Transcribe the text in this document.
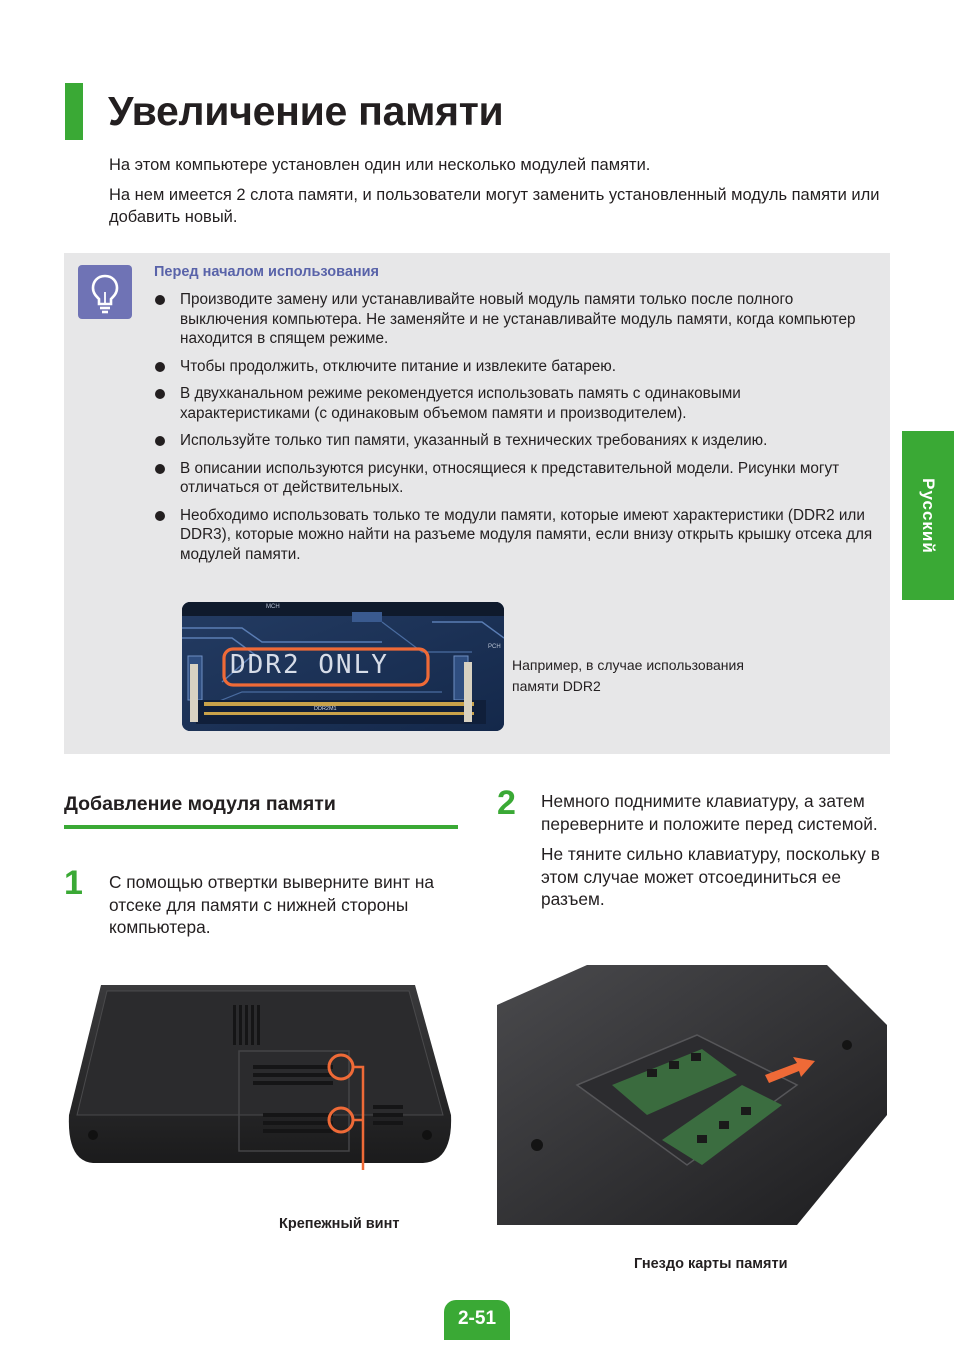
Увеличение памяти

На этом компьютере установлен один или несколько модулей памяти.

На нем имеется 2 слота памяти, и пользователи могут заменить установленный модуль памяти или добавить новый.

Перед началом использования
Производите замену или устанавливайте новый модуль памяти только после полного выключения компьютера. Не заменяйте и не устанавливайте модуль памяти, когда компьютер находится в спящем режиме.
Чтобы продолжить, отключите питание и извлеките батарею.
В двухканальном режиме рекомендуется использовать память с одинаковыми характеристиками (с одинаковым объемом памяти и производителем).
Используйте только тип памяти, указанный в технических требованиях к изделию.
В описании используются рисунки, относящиеся к представительной модели. Рисунки могут отличаться от действительных.
Необходимо использовать только те модули памяти, которые имеют характеристики (DDR2 или DDR3), которые можно найти на разъеме модуля памяти, если внизу открыть крышку отсека для модулей памяти.
DDR2 ONLY
MCH
PCH
DDR2M1
Например, в случае использования
памяти DDR2
Русский
Добавление модуля памяти
1 С помощью отвертки выверните винт на отсеке для памяти с нижней стороны компьютера.

2 Немного поднимите клавиатуру, а затем переверните и положите перед системой.

Не тяните сильно клавиатуру, поскольку в этом случае может отсоединиться ее разъем.

Крепежный винт
Гнездо карты памяти
2-51
